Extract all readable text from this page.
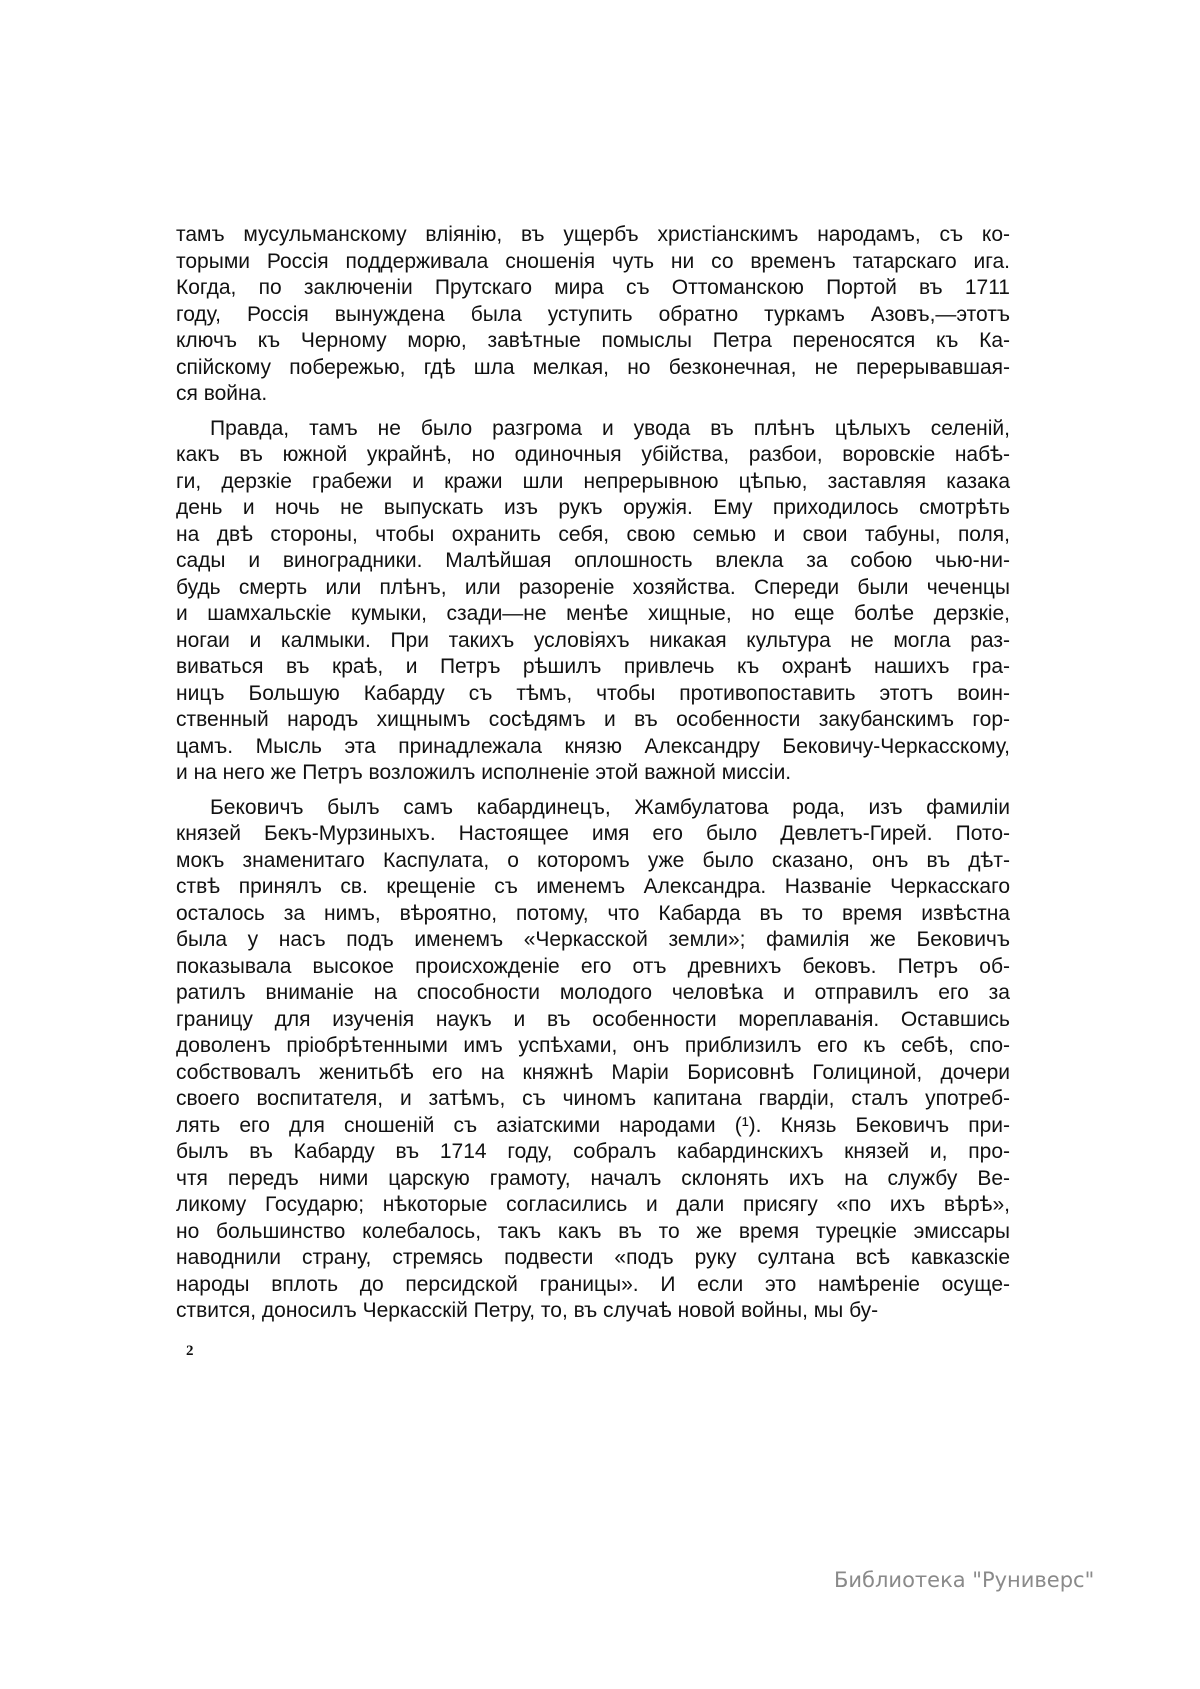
тамъ мусульманскому вліянію, въ ущербъ христіанскимъ народамъ, съ ко-
торыми Россія поддерживала сношенія чуть ни со временъ татарскаго ига.
Когда, по заключеніи Прутскаго мира съ Оттоманскою Портой въ 1711
году, Россія вынуждена была уступить обратно туркамъ Азовъ,—этотъ
ключъ къ Черному морю, завѣтные помыслы Петра переносятся къ Ка-
спійскому побережью, гдѣ шла мелкая, но безконечная, не перерывавшая-
ся война.
Правда, тамъ не было разгрома и увода въ плѣнъ цѣлыхъ селеній,
какъ въ южной украйнѣ, но одиночныя убійства, разбои, воровскіе набѣ-
ги, дерзкіе грабежи и кражи шли непрерывною цѣпью, заставляя казака
день и ночь не выпускать изъ рукъ оружія. Ему приходилось смотрѣть
на двѣ стороны, чтобы охранить себя, свою семью и свои табуны, поля,
сады и виноградники. Малѣйшая оплошность влекла за собою чью-ни-
будь смерть или плѣнъ, или разореніе хозяйства. Спереди были чеченцы
и шамхальскіе кумыки, сзади—не менѣе хищные, но еще болѣе дерзкіе,
ногаи и калмыки. При такихъ условіяхъ никакая культура не могла раз-
виваться въ краѣ, и Петръ рѣшилъ привлечь къ охранѣ нашихъ гра-
ницъ Большую Кабарду съ тѣмъ, чтобы противопоставить этотъ воин-
ственный народъ хищнымъ сосѣдямъ и въ особенности закубанскимъ гор-
цамъ. Мысль эта принадлежала князю Александру Бековичу-Черкасскому,
и на него же Петръ возложилъ исполненіе этой важной миссіи.
Бековичъ былъ самъ кабардинецъ, Жамбулатова рода, изъ фамиліи
князей Бекъ-Мурзиныхъ. Настоящее имя его было Девлетъ-Гирей. Пото-
мокъ знаменитаго Каспулата, о которомъ уже было сказано, онъ въ дѣт-
ствѣ принялъ св. крещеніе съ именемъ Александра. Названіе Черкасскаго
осталось за нимъ, вѣроятно, потому, что Кабарда въ то время извѣстна
была у насъ подъ именемъ «Черкасской земли»; фамилія же Бековичъ
показывала высокое происхожденіе его отъ древнихъ бековъ. Петръ об-
ратилъ вниманіе на способности молодого человѣка и отправилъ его за
границу для изученія наукъ и въ особенности мореплаванія. Оставшись
доволенъ пріобрѣтенными имъ успѣхами, онъ приблизилъ его къ себѣ, спо-
собствовалъ женитьбѣ его на княжнѣ Маріи Борисовнѣ Голициной, дочери
своего воспитателя, и затѣмъ, съ чиномъ капитана гвардіи, сталъ употреб-
лять его для сношеній съ азіатскими народами (¹). Князь Бековичъ при-
былъ въ Кабарду въ 1714 году, собралъ кабардинскихъ князей и, про-
чтя передъ ними царскую грамоту, началъ склонять ихъ на службу Ве-
ликому Государю; нѣкоторые согласились и дали присягу «по ихъ вѣрѣ»,
но большинство колебалось, такъ какъ въ то же время турецкіе эмиссары
наводнили страну, стремясь подвести «подъ руку султана всѣ кавказскіе
народы вплоть до персидской границы». И если это намѣреніе осуще-
ствится, доносилъ Черкасскій Петру, то, въ случаѣ новой войны, мы бу-
2
Библиотека "Руниверс"
